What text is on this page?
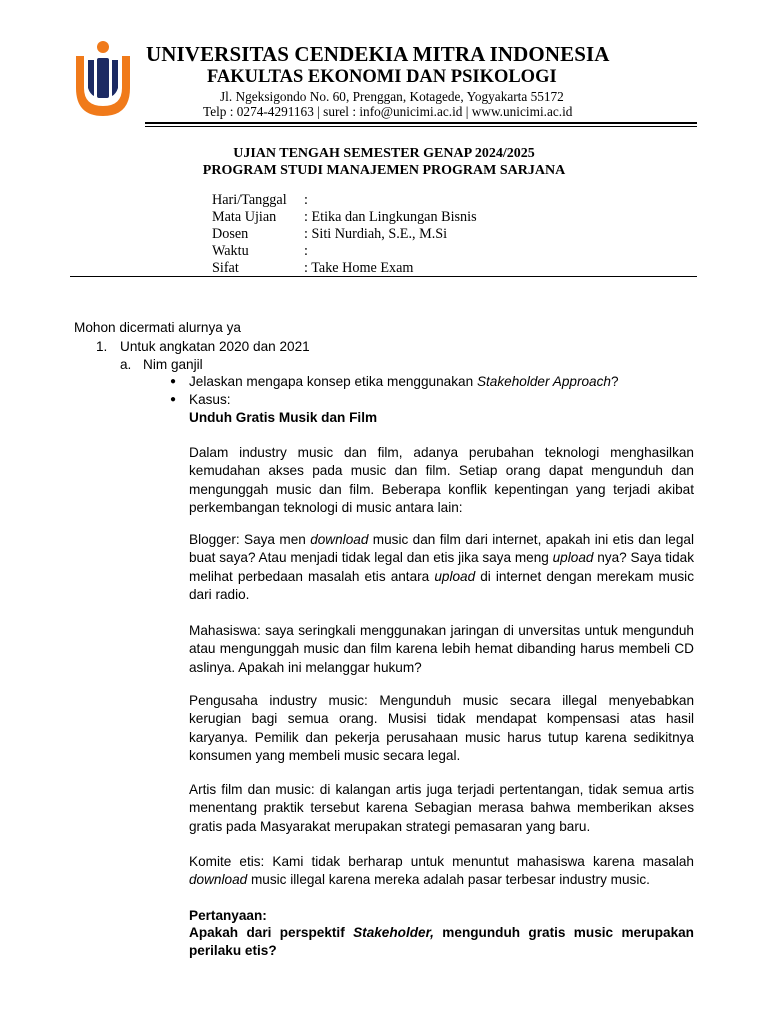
UNIVERSITAS CENDEKIA MITRA INDONESIA
FAKULTAS EKONOMI DAN PSIKOLOGI
Jl. Ngeksigondo No. 60, Prenggan, Kotagede, Yogyakarta 55172
Telp : 0274-4291163 | surel : info@unicimi.ac.id | www.unicimi.ac.id
UJIAN TENGAH SEMESTER GENAP 2024/2025
PROGRAM STUDI MANAJEMEN PROGRAM SARJANA
Hari/Tanggal :
Mata Ujian : Etika dan Lingkungan Bisnis
Dosen	: Siti Nurdiah, S.E., M.Si
Waktu	:
Sifat	: Take Home Exam
Mohon dicermati alurnya ya
1. Untuk angkatan 2020 dan 2021
a. Nim ganjil
● Jelaskan mengapa konsep etika menggunakan Stakeholder Approach?
● Kasus:
Unduh Gratis Musik dan Film
Dalam industry music dan film, adanya perubahan teknologi menghasilkan kemudahan akses pada music dan film. Setiap orang dapat mengunduh dan mengunggah music dan film. Beberapa konflik kepentingan yang terjadi akibat perkembangan teknologi di music antara lain:
Blogger: Saya men download music dan film dari internet, apakah ini etis dan legal buat saya? Atau menjadi tidak legal dan etis jika saya meng upload nya? Saya tidak melihat perbedaan masalah etis antara upload di internet dengan merekam music dari radio.
Mahasiswa: saya seringkali menggunakan jaringan di unversitas untuk mengunduh atau mengunggah music dan film karena lebih hemat dibanding harus membeli CD aslinya. Apakah ini melanggar hukum?
Pengusaha industry music: Mengunduh music secara illegal menyebabkan kerugian bagi semua orang. Musisi tidak mendapat kompensasi atas hasil karyanya. Pemilik dan pekerja perusahaan music harus tutup karena sedikitnya konsumen yang membeli music secara legal.
Artis film dan music: di kalangan artis juga terjadi pertentangan, tidak semua artis menentang praktik tersebut karena Sebagian merasa bahwa memberikan akses gratis pada Masyarakat merupakan strategi pemasaran yang baru.
Komite etis: Kami tidak berharap untuk menuntut mahasiswa karena masalah download music illegal karena mereka adalah pasar terbesar industry music.
Pertanyaan:
Apakah dari perspektif Stakeholder, mengunduh gratis music merupakan perilaku etis?
